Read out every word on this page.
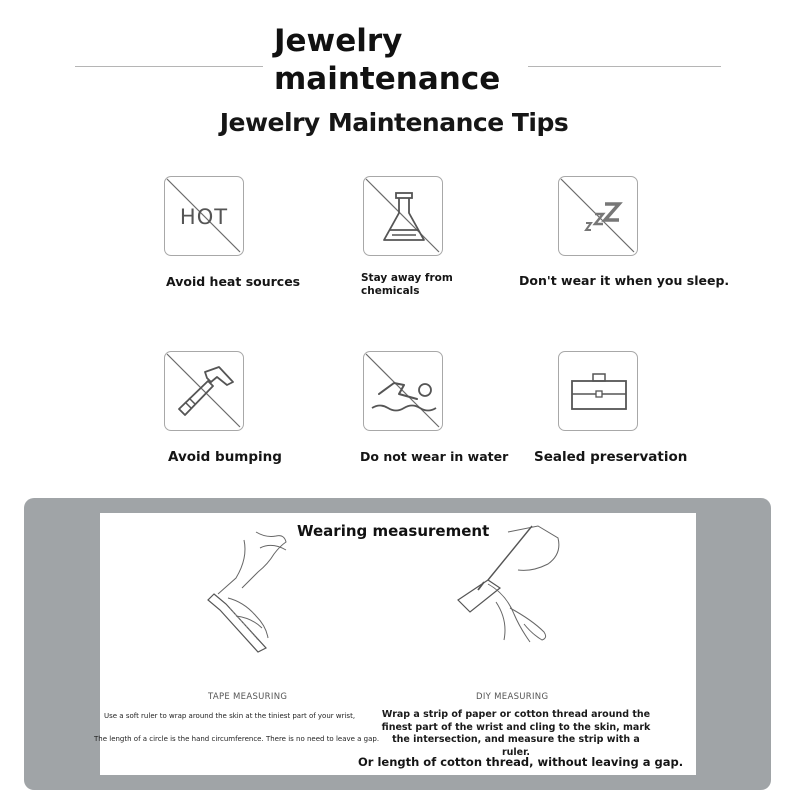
Jewelry
maintenance
Jewelry Maintenance Tips
HOT
Avoid heat sources	Stay away from chemicals
Don't wear it when you sleep.
Avoid bumping	Do not wear in water Sealed preservation
Wearing measurement
TAPE MEASURING	DIY MEASURING
Use a soft ruler to wrap around the skin at the tiniest part of your wrist,
The length of a circle is the hand circumference. There is no need to leave a gap.
Wrap a strip of paper or cotton thread around the finest part of the wrist and cling to the skin, mark the intersection, and measure the strip with a ruler.
Or length of cotton thread, without leaving a gap.
